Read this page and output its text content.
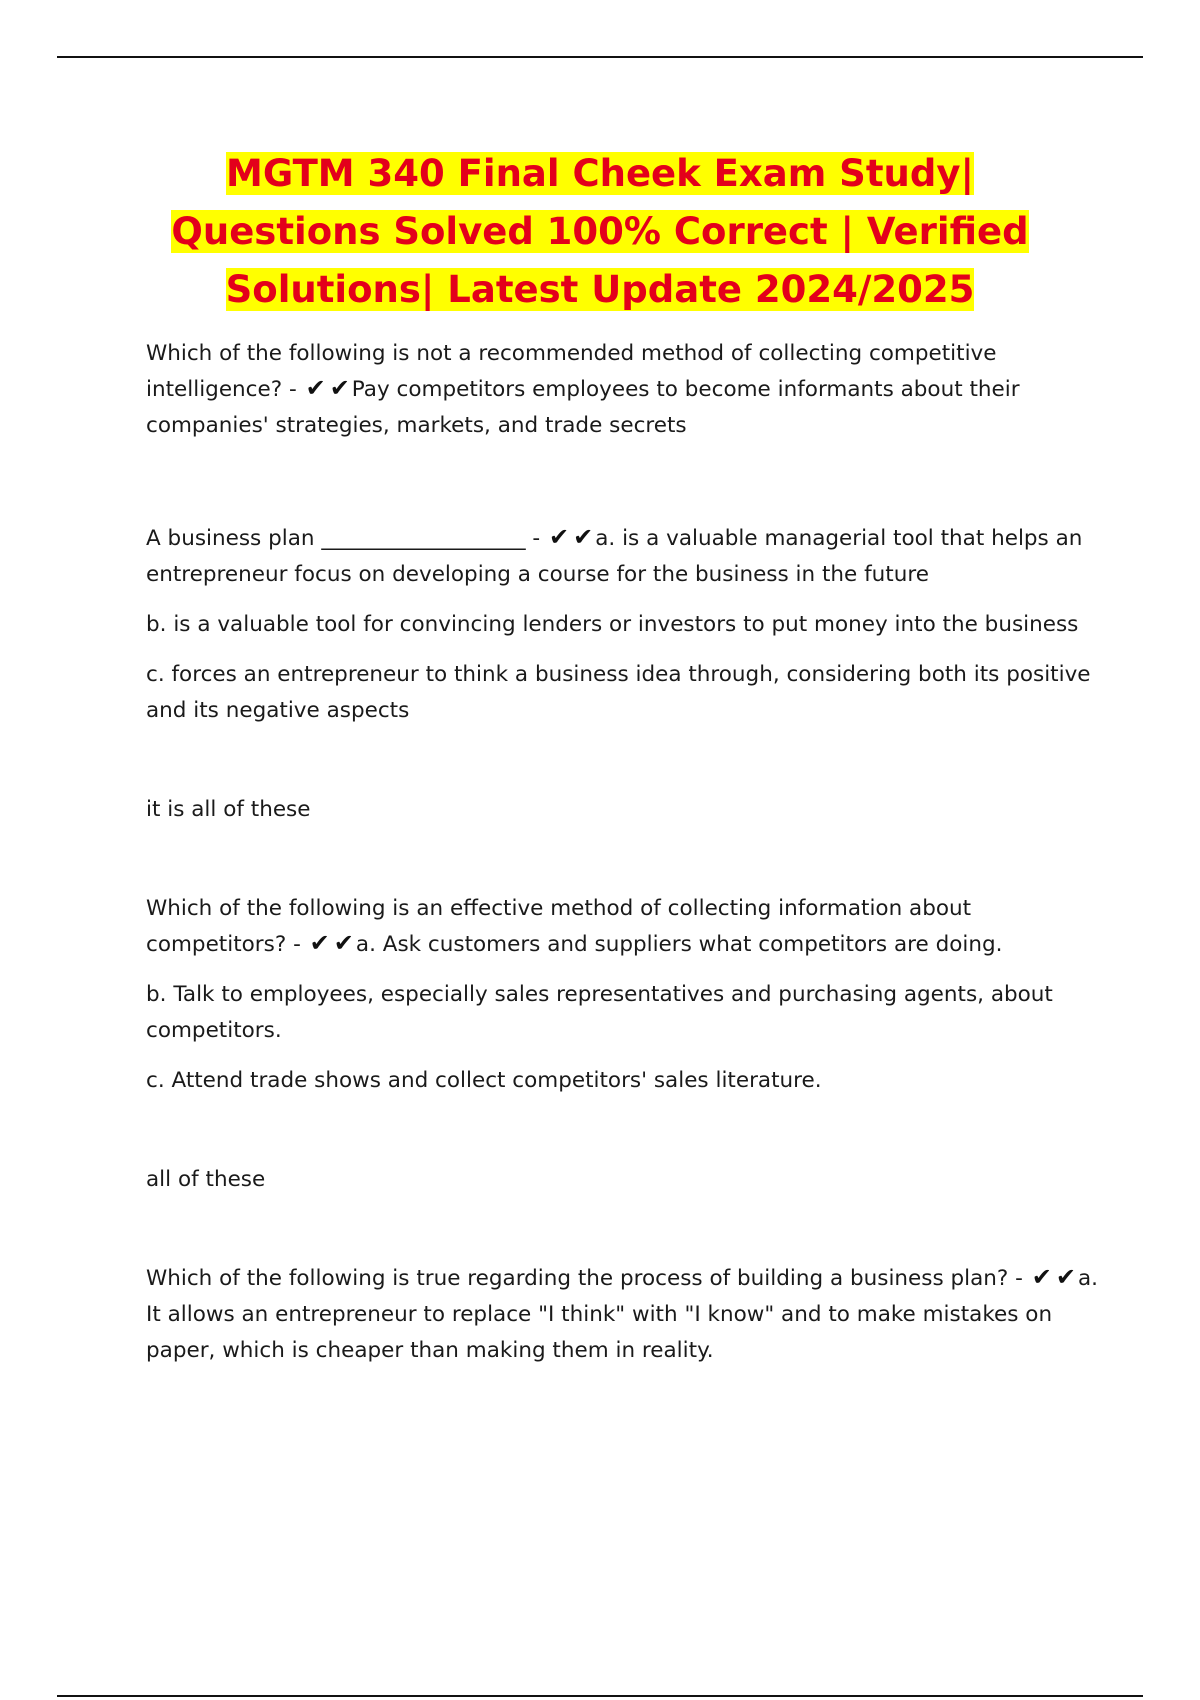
MGTM 340 Final Cheek Exam Study| Questions Solved 100% Correct | Verified Solutions| Latest Update 2024/2025

Which of the following is not a recommended method of collecting competitive intelligence? - ✔ ✔Pay competitors employees to become informants about their companies' strategies, markets, and trade secrets

A business plan ___________________ - ✔ ✔a. is a valuable managerial tool that helps an entrepreneur focus on developing a course for the business in the future

b. is a valuable tool for convincing lenders or investors to put money into the business

c. forces an entrepreneur to think a business idea through, considering both its positive and its negative aspects

it is all of these

Which of the following is an effective method of collecting information about competitors? - ✔ ✔a. Ask customers and suppliers what competitors are doing.

b. Talk to employees, especially sales representatives and purchasing agents, about competitors.

c. Attend trade shows and collect competitors' sales literature.

all of these

Which of the following is true regarding the process of building a business plan? - ✔ ✔a. It allows an entrepreneur to replace "I think" with "I know" and to make mistakes on paper, which is cheaper than making them in reality.
